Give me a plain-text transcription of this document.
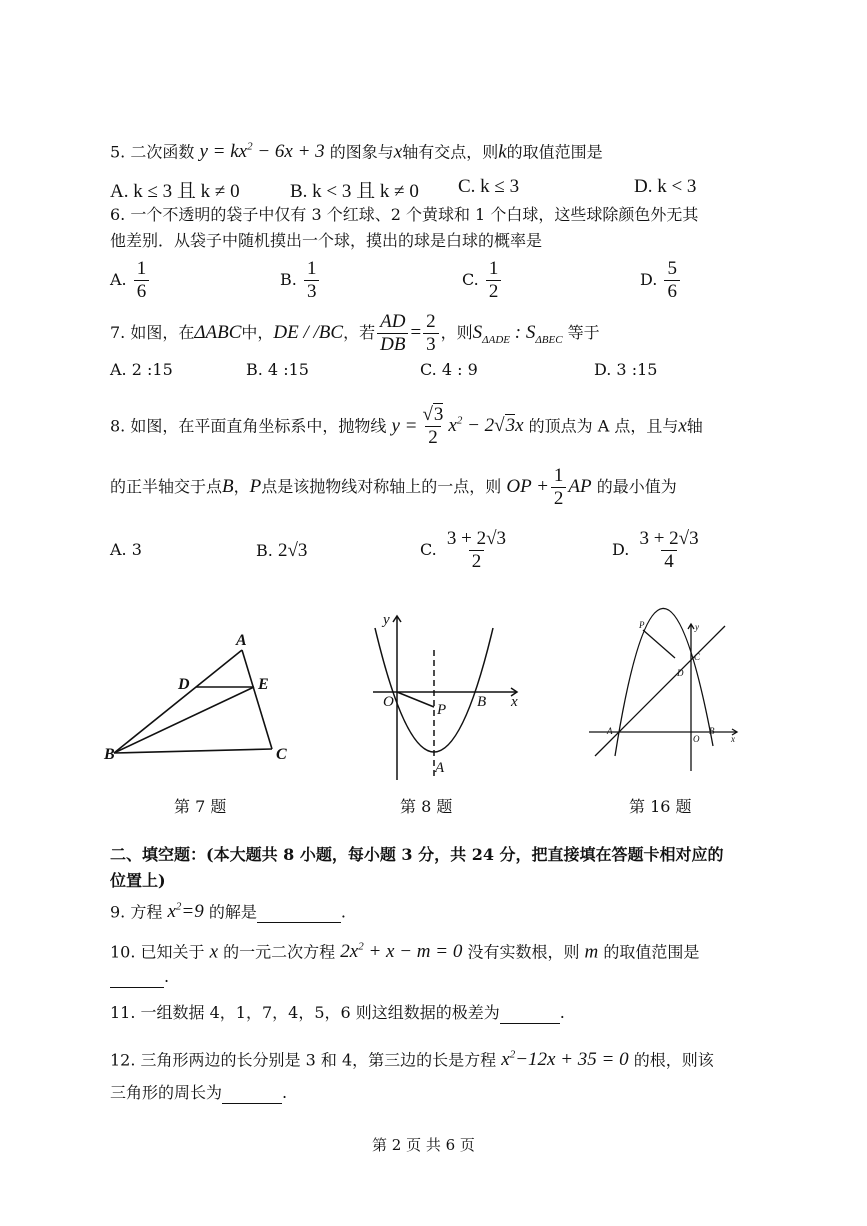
5. 二次函数 $y = kx^2 - 6x + 3$ 的图象与x轴有交点，则k的取值范围是
A. k ≤ 3 且 k ≠ 0	B. k < 3 且 k ≠ 0 C. k ≤ 3	D. k < 3
6. 一个不透明的袋子中仅有 3 个红球、2 个黄球和 1 个白球，这些球除颜色外无其
他差别．从袋子中随机摸出一个球，摸出的球是白球的概率是
A. $\frac{1}{6}$	B. $\frac{1}{3}$	C. $\frac{1}{2}$	D. $\frac{5}{6}$
7. 如图，在ΔABC中，DE / /BC，若 $\frac{AD}{DB} = \frac{2}{3}$ ，则$S_{\Delta ADE}$ : $S_{\Delta BEC}$ 等于
A. 2 :15	B. 4 :15	C. 4 : 9	D. 3 :15
8. 如图，在平面直角坐标系中，抛物线 $y = \frac{√3}{2} x^2 - 2√3x$ 的顶点为 A 点，且与x轴
的正半轴交于点B，P点是该抛物线对称轴上的一点，则 OP + $\frac{1}{2}$ AP 的最小值为
A. 3	B. 2√3	C. $\frac{3 + 2√3}{2}$	D. $\frac{3 + 2√3}{4}$
A
D	E
B	C
第 7 题
y
O	P B x
A
第 8 题
P	y
C
D
A
O
B
x
第 16 题
二、填空题：(本大题共 8 小题，每小题 3 分，共 24 分，把直接填在答题卡相对应的
位置上)
9. 方程 $x^2=9$ 的解是	.
10. 已知关于 x 的一元二次方程 $2x^2 + x - m = 0$ 没有实数根，则 m 的取值范围是
.
11. 一组数据 4，1，7，4，5，6 则这组数据的极差为	.
12. 三角形两边的长分别是 3 和 4，第三边的长是方程 $x^2-12x + 35 = 0$ 的根，则该
三角形的周长为	.
第 2 页 共 6 页
